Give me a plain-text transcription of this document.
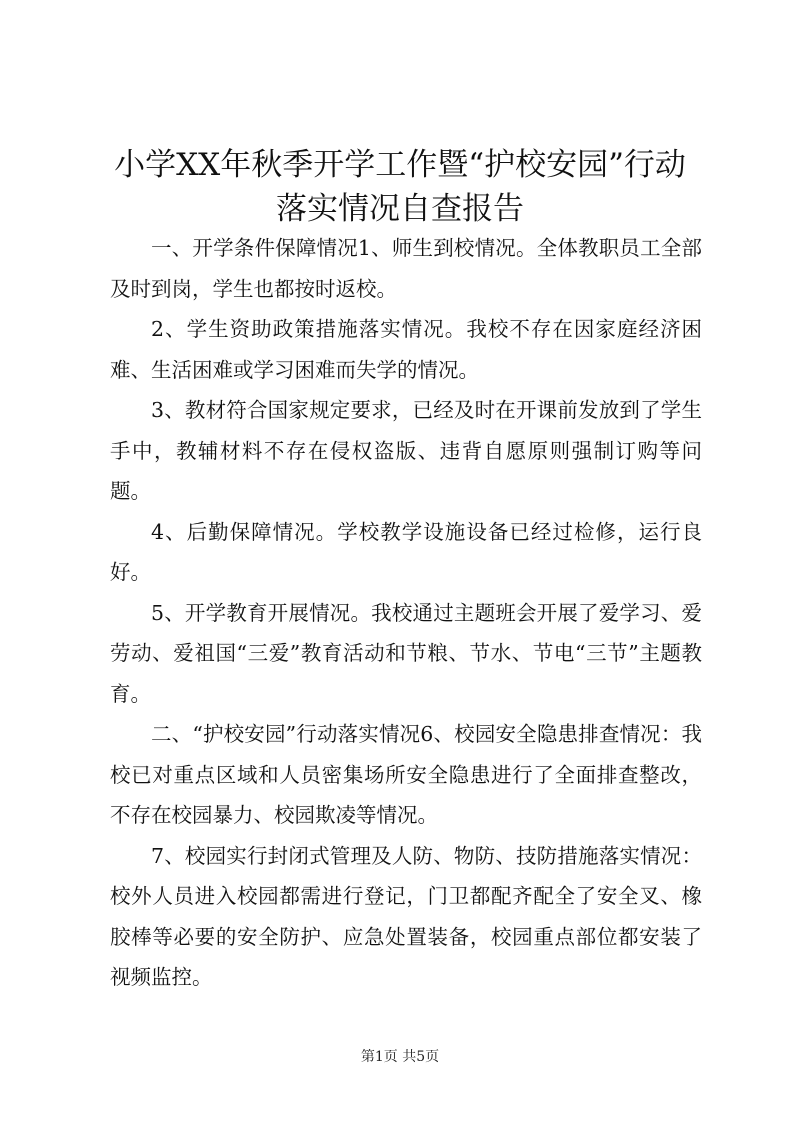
小学XX年秋季开学工作暨“护校安园”行动
落实情况自查报告

一、开学条件保障情况1、师生到校情况。全体教职员工全部及时到岗，学生也都按时返校。

2、学生资助政策措施落实情况。我校不存在因家庭经济困难、生活困难或学习困难而失学的情况。

3、教材符合国家规定要求，已经及时在开课前发放到了学生手中，教辅材料不存在侵权盗版、违背自愿原则强制订购等问题。

4、后勤保障情况。学校教学设施设备已经过检修，运行良好。

5、开学教育开展情况。我校通过主题班会开展了爱学习、爱劳动、爱祖国“三爱”教育活动和节粮、节水、节电“三节”主题教育。

二、“护校安园”行动落实情况6、校园安全隐患排查情况：我校已对重点区域和人员密集场所安全隐患进行了全面排查整改，不存在校园暴力、校园欺凌等情况。

7、校园实行封闭式管理及人防、物防、技防措施落实情况：校外人员进入校园都需进行登记，门卫都配齐配全了安全叉、橡胶棒等必要的安全防护、应急处置装备，校园重点部位都安装了视频监控。

第1页 共5页
